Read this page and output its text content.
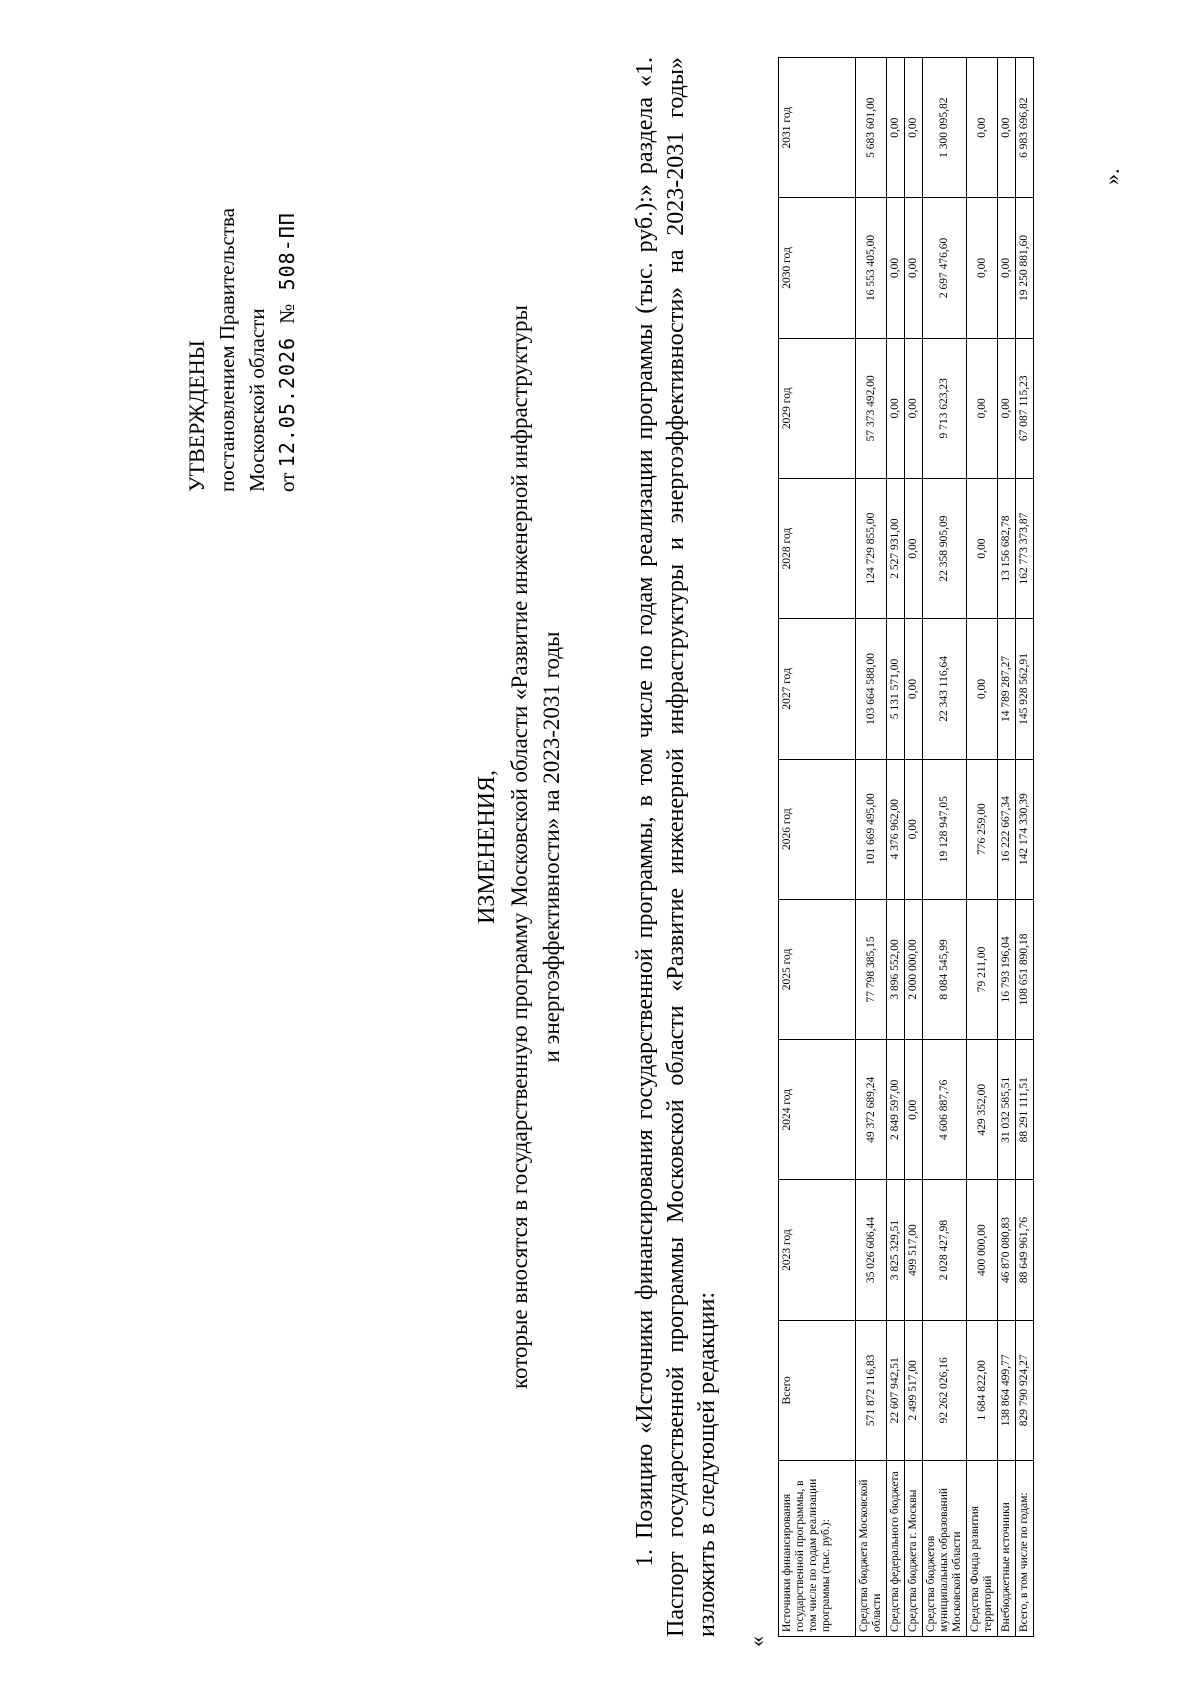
УТВЕРЖДЕНЫ постановлением Правительства Московской области от 12.05.2026 № 508-ПП
ИЗМЕНЕНИЯ, которые вносятся в государственную программу Московской области «Развитие инженерной инфраструктуры и энергоэффективности» на 2023-2031 годы	1. Позицию «Источники финансирования государственной программы, в том числе по годам реализации программы (тыс. руб.):» раздела «1. Паспорт государственной программы Московской области «Развитие инженерной инфраструктуры и энергоэффективности» на 2023-2031 годы» изложить в следующей редакции:
«
Источники финансирования государственной программы, в том числе по годам реализации программы (тыс. руб.):	Всего	2023 год	2024 год	2025 год	2026 год	2027 год	2028 год	2029 год	2030 год	2031 год
Средства бюджета Московской области	571 872 116,83	35 026 606,44	49 372 689,24	77 798 385,15	101 669 495,00	103 664 588,00	124 729 855,00	57 373 492,00	16 553 405,00	5 683 601,00
Средства федерального бюджета	22 607 942,51	3 825 329,51	2 849 597,00	3 896 552,00	4 376 962,00	5 131 571,00	2 527 931,00	0,00	0,00	0,00
Средства бюджета г. Москвы	2 499 517,00	499 517,00	0,00	2 000 000,00	0,00	0,00	0,00	0,00	0,00	0,00
Средства бюджетов муниципальных образований Московской области	92 262 026,16	2 028 427,98	4 606 887,76	8 084 545,99	19 128 947,05	22 343 116,64	22 358 905,09	9 713 623,23	2 697 476,60	1 300 095,82
Средства Фонда развития территорий	1 684 822,00	400 000,00	429 352,00	79 211,00	776 259,00	0,00	0,00	0,00	0,00	0,00
Внебюджетные источники	138 864 499,77	46 870 080,83	31 032 585,51	16 793 196,04	16 222 667,34	14 789 287,27	13 156 682,78	0,00	0,00	0,00
Всего, в том числе по годам:	829 790 924,27	88 649 961,76	88 291 111,51	108 651 890,18	142 174 330,39	145 928 562,91	162 773 373,87	67 087 115,23	19 250 881,60	6 983 696,82
».
